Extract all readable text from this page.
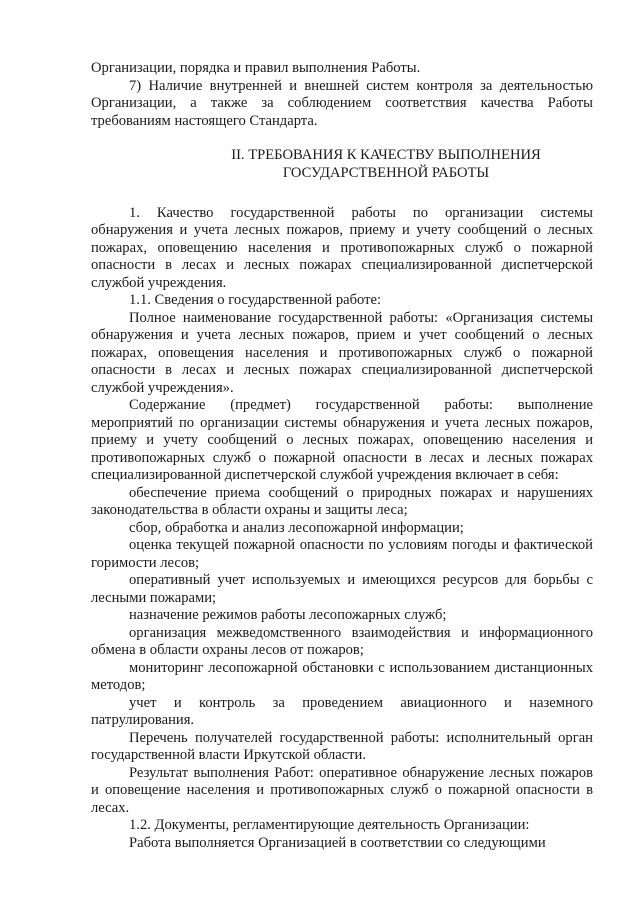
Организации, порядка и правил выполнения Работы.

7) Наличие внутренней и внешней систем контроля за деятельностью Организации, а также за соблюдением соответствия качества Работы требованиям настоящего Стандарта.

II. ТРЕБОВАНИЯ К КАЧЕСТВУ ВЫПОЛНЕНИЯ
ГОСУДАРСТВЕННОЙ РАБОТЫ

1. Качество государственной работы по организации системы обнаружения и учета лесных пожаров, приему и учету сообщений о лесных пожарах, оповещению населения и противопожарных служб о пожарной опасности в лесах и лесных пожарах специализированной диспетчерской службой учреждения.

1.1. Сведения о государственной работе:

Полное наименование государственной работы: «Организация системы обнаружения и учета лесных пожаров, прием и учет сообщений о лесных пожарах, оповещения населения и противопожарных служб о пожарной опасности в лесах и лесных пожарах специализированной диспетчерской службой учреждения».

Содержание (предмет) государственной работы: выполнение мероприятий по организации системы обнаружения и учета лесных пожаров, приему и учету сообщений о лесных пожарах, оповещению населения и противопожарных служб о пожарной опасности в лесах и лесных пожарах специализированной диспетчерской службой учреждения включает в себя:

обеспечение приема сообщений о природных пожарах и нарушениях законодательства в области охраны и защиты леса;

сбор, обработка и анализ лесопожарной информации;

оценка текущей пожарной опасности по условиям погоды и фактической горимости лесов;

оперативный учет используемых и имеющихся ресурсов для борьбы с лесными пожарами;

назначение режимов работы лесопожарных служб;

организация межведомственного взаимодействия и информационного обмена в области охраны лесов от пожаров;

мониторинг лесопожарной обстановки с использованием дистанционных методов;

учет и контроль за проведением авиационного и наземного патрулирования.

Перечень получателей государственной работы: исполнительный орган государственной власти Иркутской области.

Результат выполнения Работ: оперативное обнаружение лесных пожаров и оповещение населения и противопожарных служб о пожарной опасности в лесах.

1.2. Документы, регламентирующие деятельность Организации:

Работа выполняется Организацией в соответствии со следующими
